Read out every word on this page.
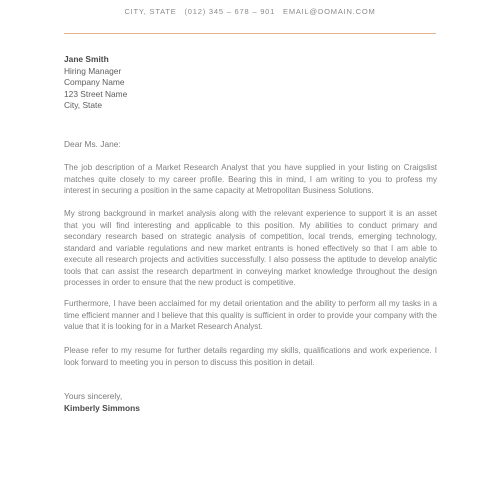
CITY, STATE (012) 345 – 678 – 901 EMAIL@DOMAIN.COM
Jane Smith
Hiring Manager
Company Name
123 Street Name
City, State
Dear Ms. Jane:
The job description of a Market Research Analyst that you have supplied in your listing on Craigslist matches quite closely to my career profile. Bearing this in mind, I am writing to you to profess my interest in securing a position in the same capacity at Metropolitan Business Solutions.
My strong background in market analysis along with the relevant experience to support it is an asset that you will find interesting and applicable to this position. My abilities to conduct primary and secondary research based on strategic analysis of competition, local trends, emerging technology, standard and variable regulations and new market entrants is honed effectively so that I am able to execute all research projects and activities successfully. I also possess the aptitude to develop analytic tools that can assist the research department in conveying market knowledge throughout the design processes in order to ensure that the new product is competitive.
Furthermore, I have been acclaimed for my detail orientation and the ability to perform all my tasks in a time efficient manner and I believe that this quality is sufficient in order to provide your company with the value that it is looking for in a Market Research Analyst.
Please refer to my resume for further details regarding my skills, qualifications and work experience. I look forward to meeting you in person to discuss this position in detail.
Yours sincerely,
Kimberly Simmons
